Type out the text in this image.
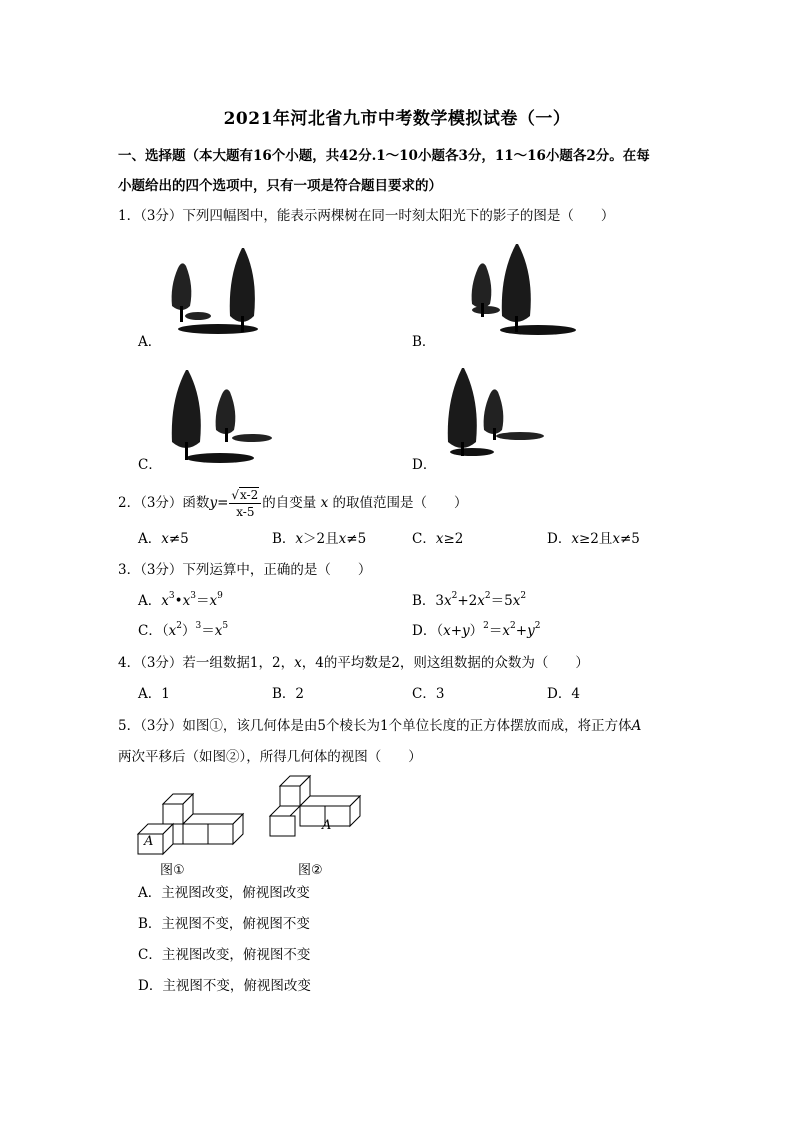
2021年河北省九市中考数学模拟试卷（一）
一、选择题（本大题有16个小题，共42分.1～10小题各3分，11～16小题各2分。在每
小题给出的四个选项中，只有一项是符合题目要求的）
1．（3分）下列四幅图中，能表示两棵树在同一时刻太阳光下的影子的图是（　　）
A．	B．
C．	D．
2．（3分）函数$y= \frac{√x-2}{x-5}$ 的自变量 x 的取值范围是（　　）
A．x≠5	B．x＞2且x≠5	C．x≥2	D．x≥2且x≠5
3．（3分）下列运算中，正确的是（　　）
A．$x^3•x^3=x^9$	B．$3x^2+2x^2=5x^2$
C．$(x^2)^3=x^5$	D．$(x+y)^2=x^2+y^2$
4．（3分）若一组数据1，2，x，4的平均数是2，则这组数据的众数为（　　）
A．1	B．2	C．3	D．4
5．（3分）如图①，该几何体是由5个棱长为1个单位长度的正方体摆放而成，将正方体A
两次平移后（如图②），所得几何体的视图（　　）
A
图①
A
图②
A．主视图改变，俯视图改变
B．主视图不变，俯视图不变
C．主视图改变，俯视图不变
D．主视图不变，俯视图改变
